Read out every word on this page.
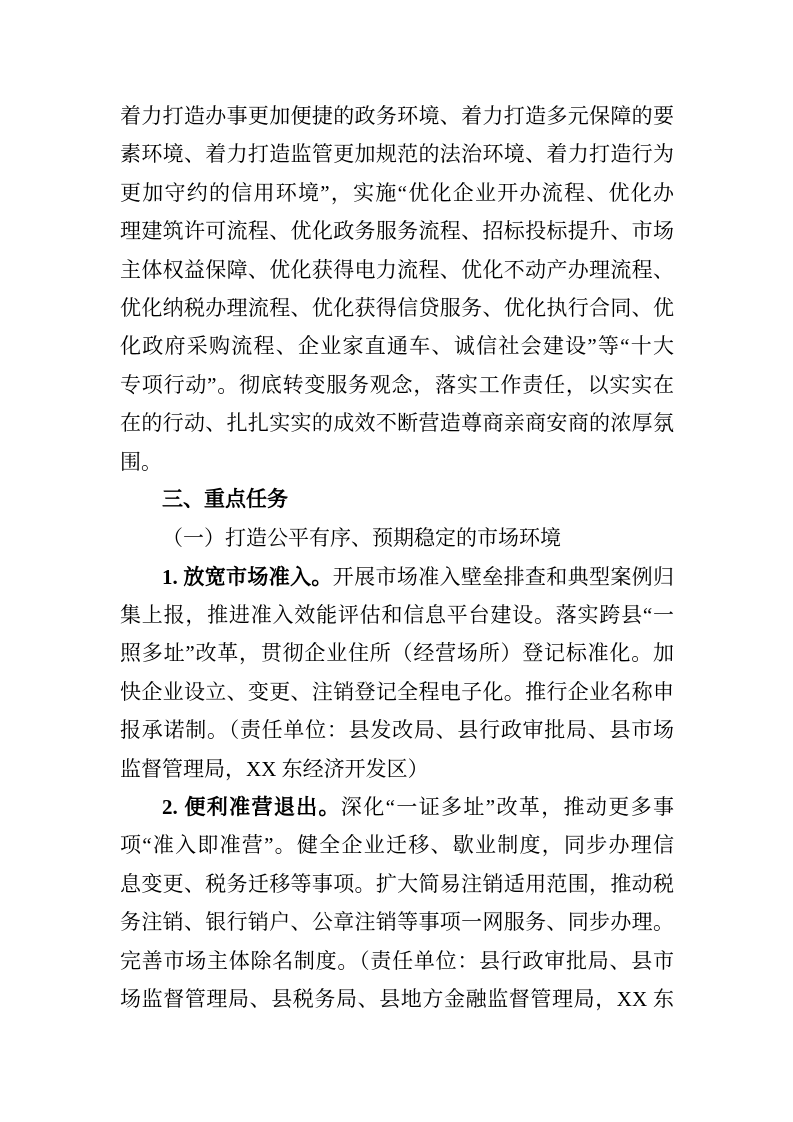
着力打造办事更加便捷的政务环境、着力打造多元保障的要
素环境、着力打造监管更加规范的法治环境、着力打造行为
更加守约的信用环境”，实施“优化企业开办流程、优化办
理建筑许可流程、优化政务服务流程、招标投标提升、市场
主体权益保障、优化获得电力流程、优化不动产办理流程、
优化纳税办理流程、优化获得信贷服务、优化执行合同、优
化政府采购流程、企业家直通车、诚信社会建设”等“十大
专项行动”。彻底转变服务观念，落实工作责任，以实实在
在的行动、扎扎实实的成效不断营造尊商亲商安商的浓厚氛
围。
三、重点任务
（一）打造公平有序、预期稳定的市场环境
1. 放宽市场准入。开展市场准入壁垒排查和典型案例归
集上报，推进准入效能评估和信息平台建设。落实跨县“一
照多址”改革，贯彻企业住所（经营场所）登记标准化。加
快企业设立、变更、注销登记全程电子化。推行企业名称申
报承诺制。（责任单位：县发改局、县行政审批局、县市场
监督管理局，XX 东经济开发区）
2. 便利准营退出。深化“一证多址”改革，推动更多事
项“准入即准营”。健全企业迁移、歇业制度，同步办理信
息变更、税务迁移等事项。扩大简易注销适用范围，推动税
务注销、银行销户、公章注销等事项一网服务、同步办理。
完善市场主体除名制度。（责任单位：县行政审批局、县市
场监督管理局、县税务局、县地方金融监督管理局，XX 东
